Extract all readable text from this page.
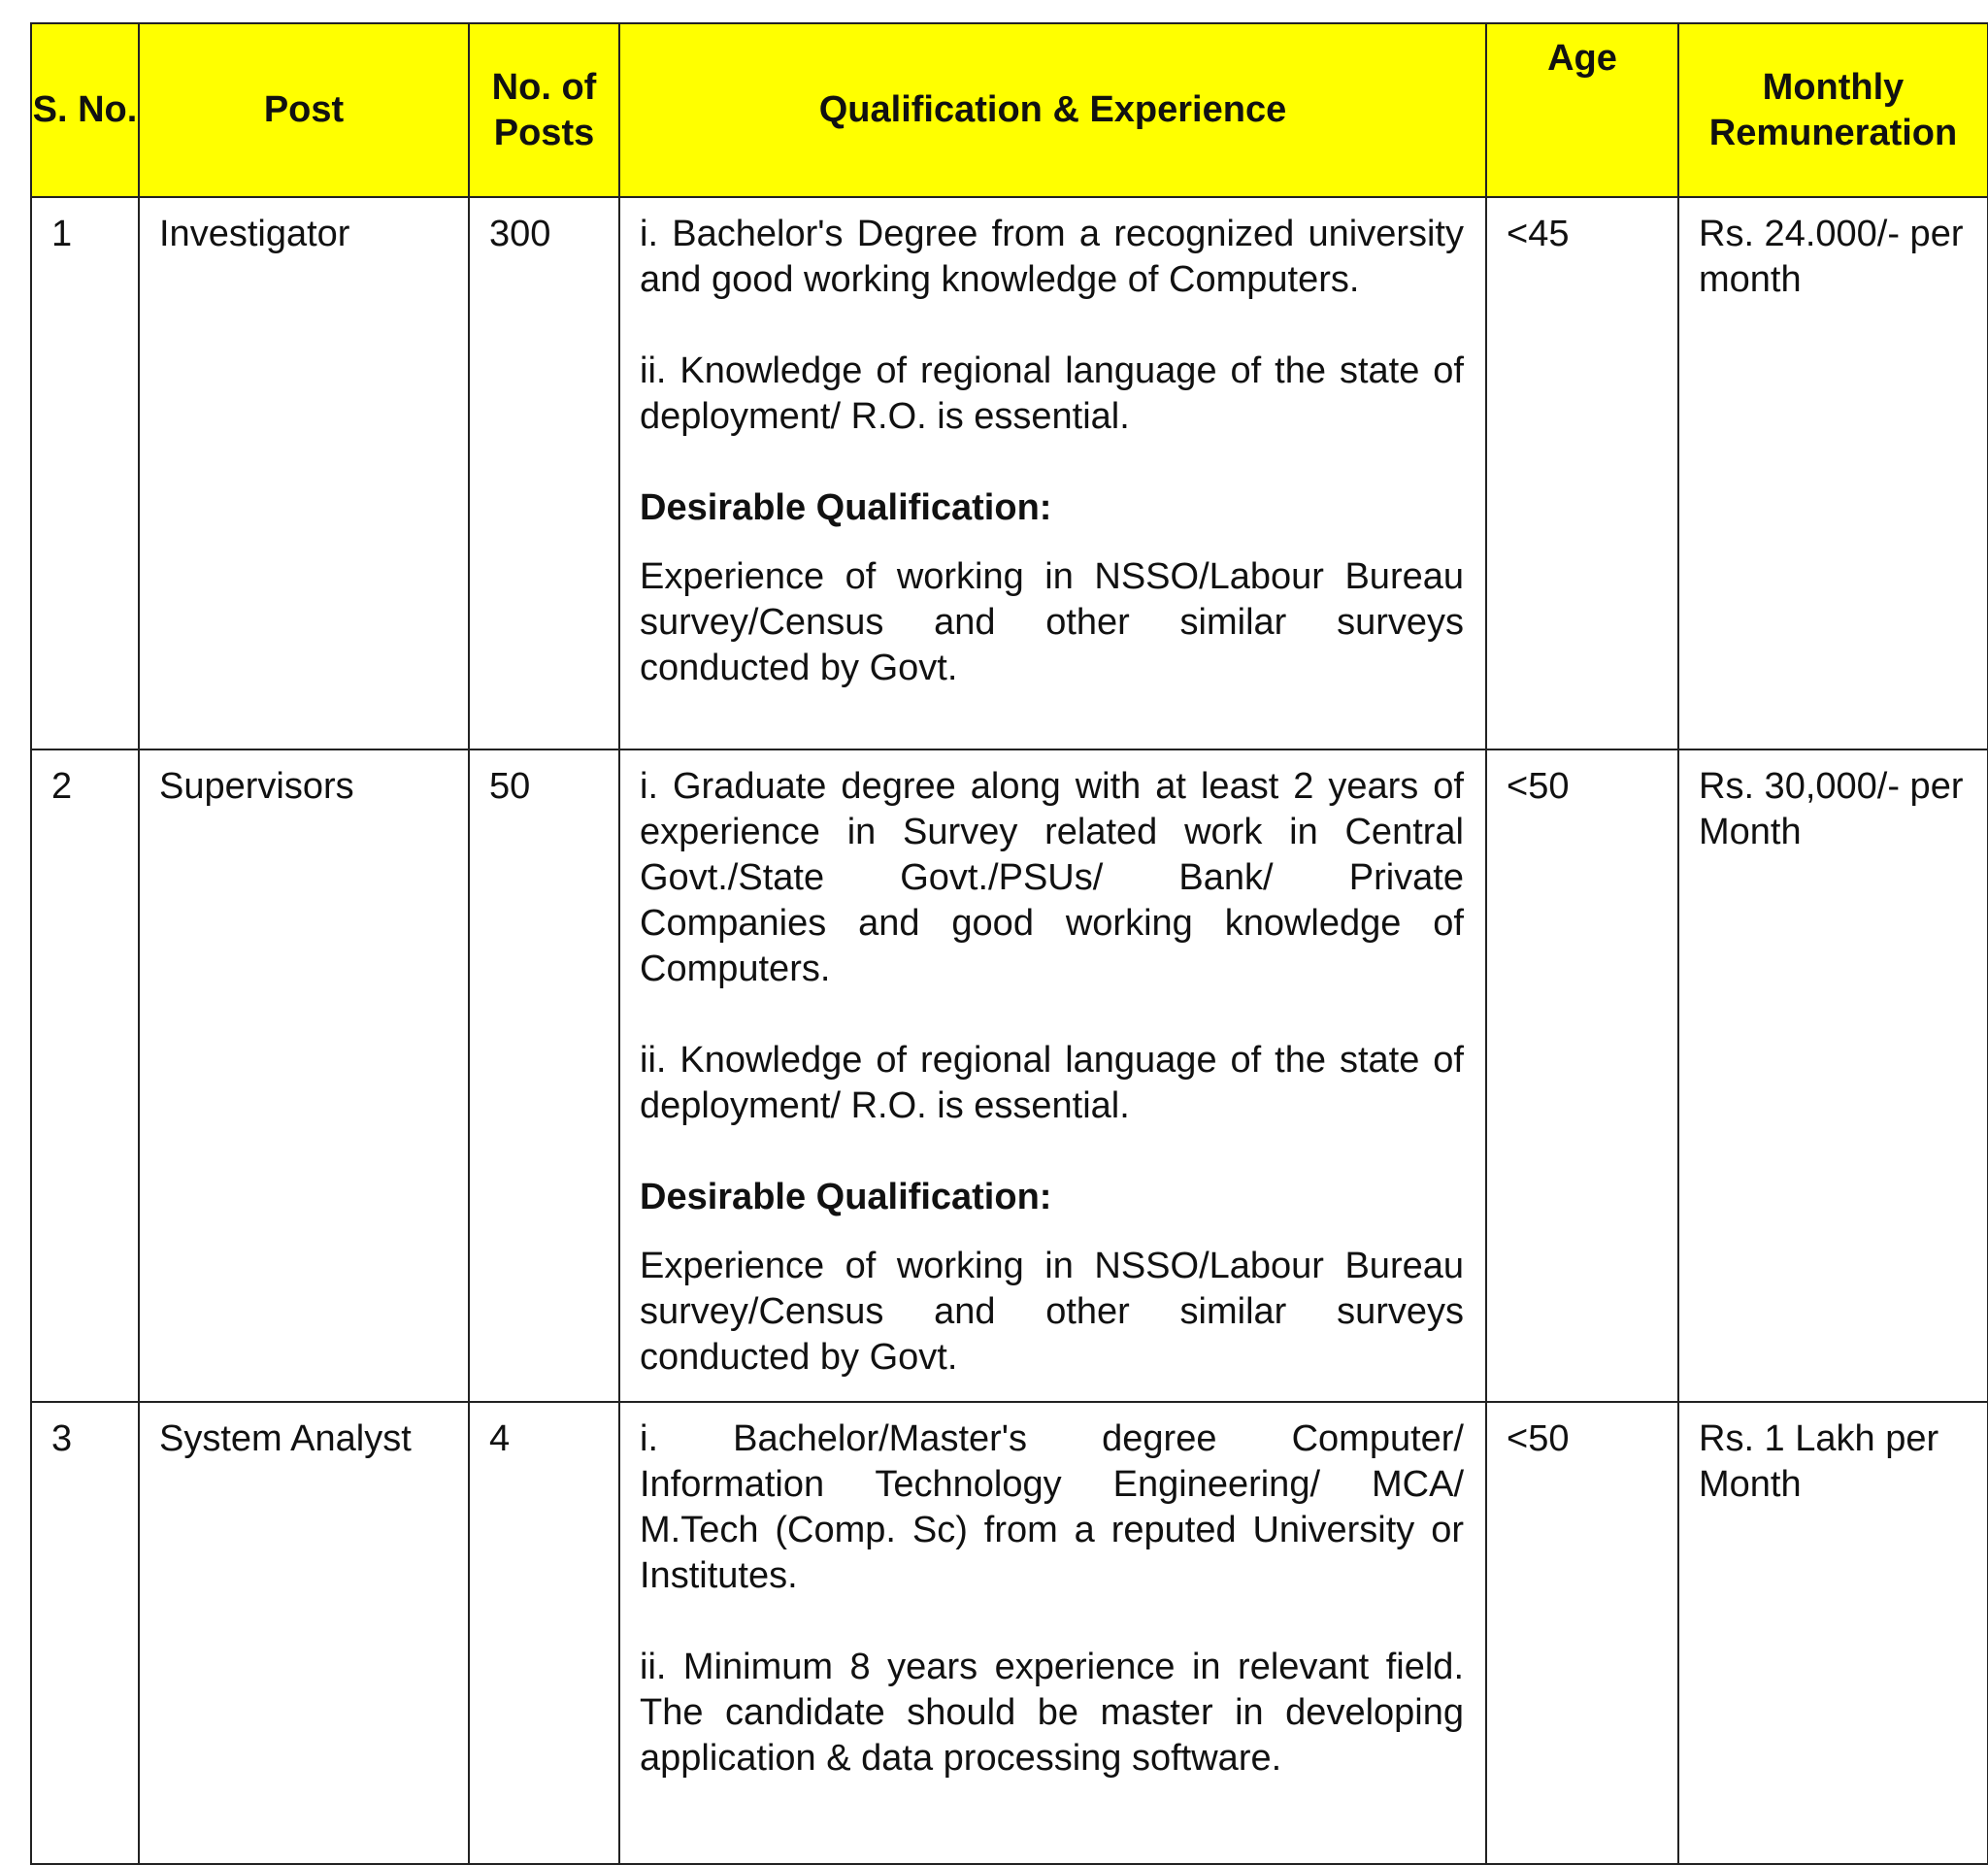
S. No.	Post	No. of Posts	Qualification & Experience	Age	Monthly Remuneration
1	Investigator	300	i. Bachelor's Degree from a recognized university and good working knowledge of Computers.

ii. Knowledge of regional language of the state of deployment/ R.O. is essential.

Desirable Qualification:

Experience of working in NSSO/Labour Bureau survey/Census and other similar surveys conducted by Govt.	<45	Rs. 24.000/- per month
2	Supervisors	50	i. Graduate degree along with at least 2 years of experience in Survey related work in Central Govt./State Govt./PSUs/ Bank/ Private Companies and good working knowledge of Computers.

ii. Knowledge of regional language of the state of deployment/ R.O. is essential.

Desirable Qualification:

Experience of working in NSSO/Labour Bureau survey/Census and other similar surveys conducted by Govt.	<50	Rs. 30,000/- per Month
3	System Analyst	4	i. Bachelor/Master's degree Computer/ Information Technology Engineering/ MCA/ M.Tech (Comp. Sc) from a reputed University or Institutes.

ii. Minimum 8 years experience in relevant field. The candidate should be master in developing application & data processing software.	<50	Rs. 1 Lakh per Month
